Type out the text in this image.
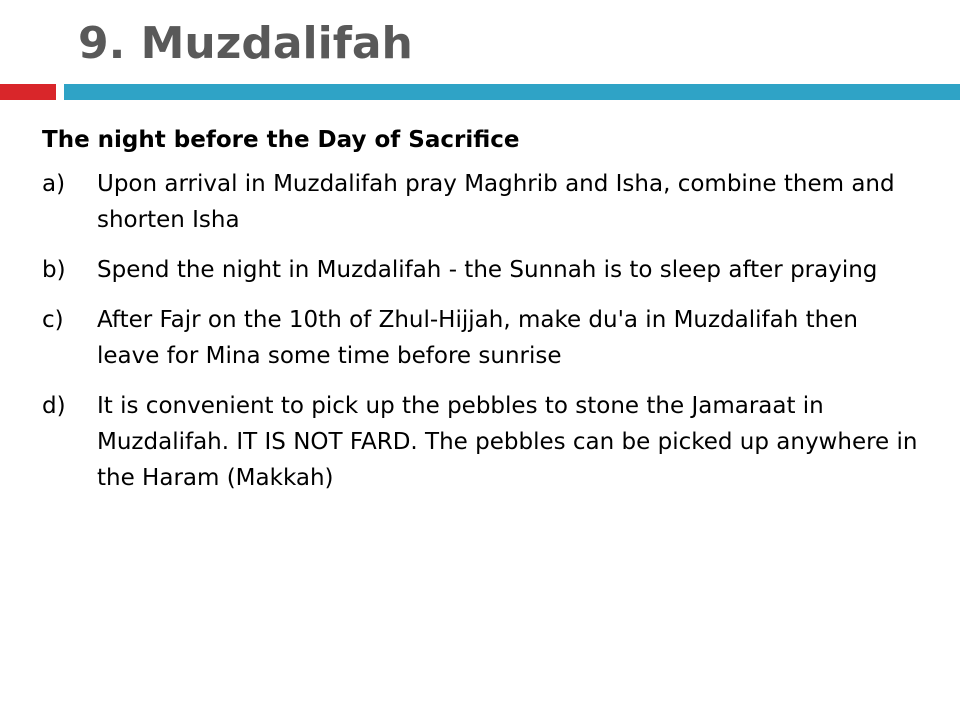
9. Muzdalifah
The night before the Day of Sacrifice
a)	Upon arrival in Muzdalifah pray Maghrib and Isha, combine them and shorten Isha
b)	Spend the night in Muzdalifah - the Sunnah is to sleep after praying
c)	After Fajr on the 10th of Zhul-Hijjah, make du'a in Muzdalifah then leave for Mina some time before sunrise
d)	It is convenient to pick up the pebbles to stone the Jamaraat in Muzdalifah. IT IS NOT FARD. The pebbles can be picked up anywhere in the Haram (Makkah)
